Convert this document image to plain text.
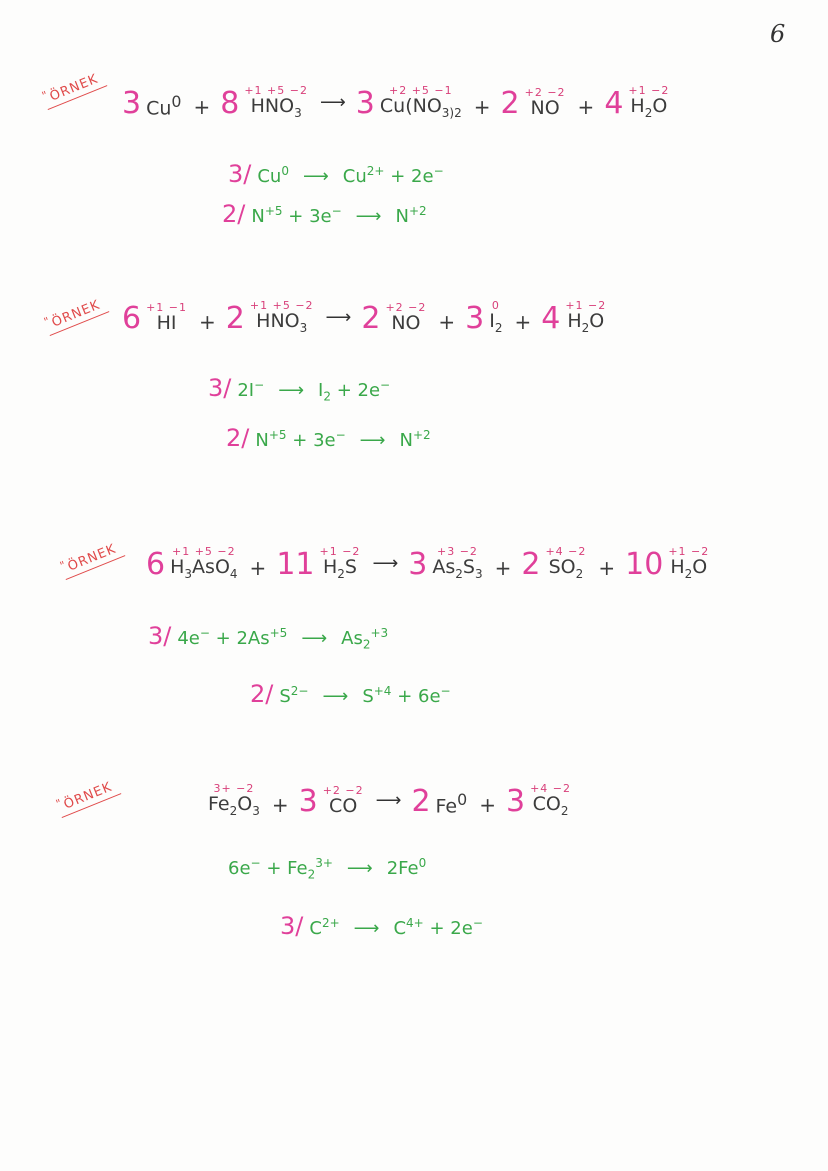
6
"ÖRNEK
"ÖRNEK
"ÖRNEK
"ÖRNEK
3 $Cu^0 + 8 +1 +5 -2$
$HNO_3$ ⟶ 3 +2 +5 −1
$Cu(NO_{3)2} + 2 +2 -2$
NO + 4 +1 −2
$H_2O$
3/ Cu$^0$ ⟶ $Cu^{2+} + 2e^-$
2/ $N^{+5} + 3e^-$ ⟶ $N^{+2}$
6 +1 −1
HI + 2 +1 +5 −2
$HNO_3$ ⟶ 2 +2 −2
NO + 3 0
$I_2 + 4 +1 -2$
$H_2O$
3/ 2I− ⟶ $I_2 + 2e^-$
2/ $N^{+5} + 3e^-$ ⟶ $N^{+2}$
6 +1 +5 −2
$H_3AsO_4 + 11 +1 -2$
$H_2S$ ⟶ 3 +3 −2
$As_2S_3 + 2 +4 -2$
$SO_2 + 10 +1 -2$
$H_2O$
3/ $4e^- + 2As^{+5}$ ⟶ $As_2^{+3}$
2/ $S^{2-}$ ⟶ $S^{+4} + 6e^-$
3+ −2
$Fe_2O_3 + 3 +2 -2$
CO ⟶ 2 $Fe^0 + 3 +4 -2$
$CO_2$
$6e^- + Fe_2^{3+}$ ⟶ 2Fe$^0$
3/ $C^{2+}$ ⟶ $C^{4+} + 2e^-$
